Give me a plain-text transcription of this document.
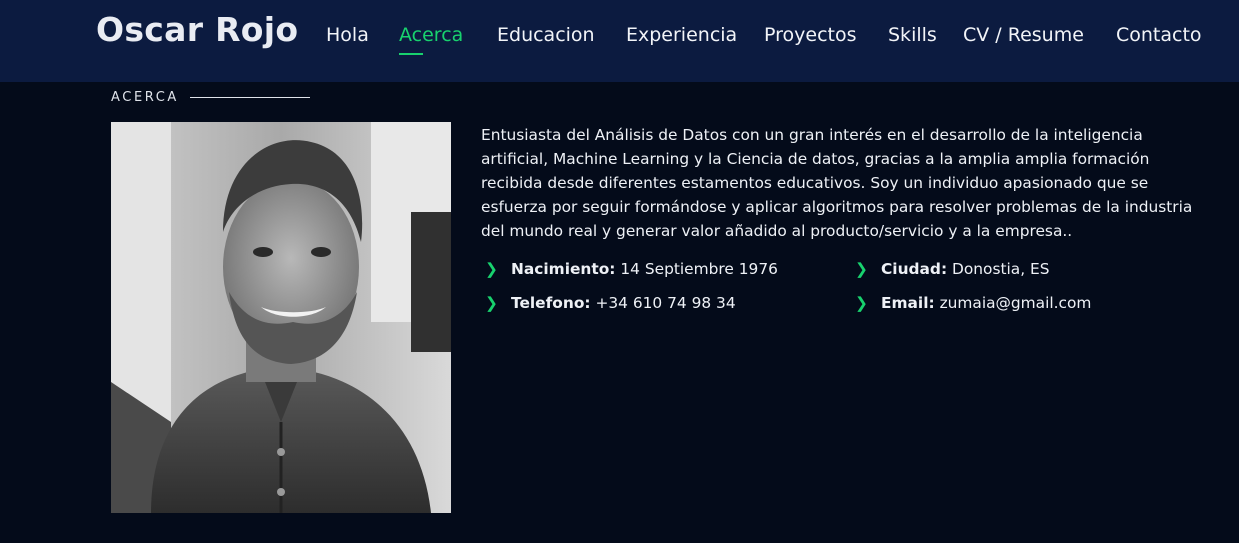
Oscar Rojo Hola Acerca Educacion Experiencia Proyectos Skills CV / Resume Contacto
ACERCA
Entusiasta del Análisis de Datos con un gran interés en el desarrollo de la inteligencia artificial, Machine Learning y la Ciencia de datos, gracias a la amplia amplia formación recibida desde diferentes estamentos educativos. Soy un individuo apasionado que se esfuerza por seguir formándose y aplicar algoritmos para resolver problemas de la industria del mundo real y generar valor añadido al producto/servicio y a la empresa..
❯ Nacimiento: 14 Septiembre 1976	❯ Ciudad: Donostia, ES
❯ Telefono: +34 610 74 98 34	❯ Email: zumaia@gmail.com
